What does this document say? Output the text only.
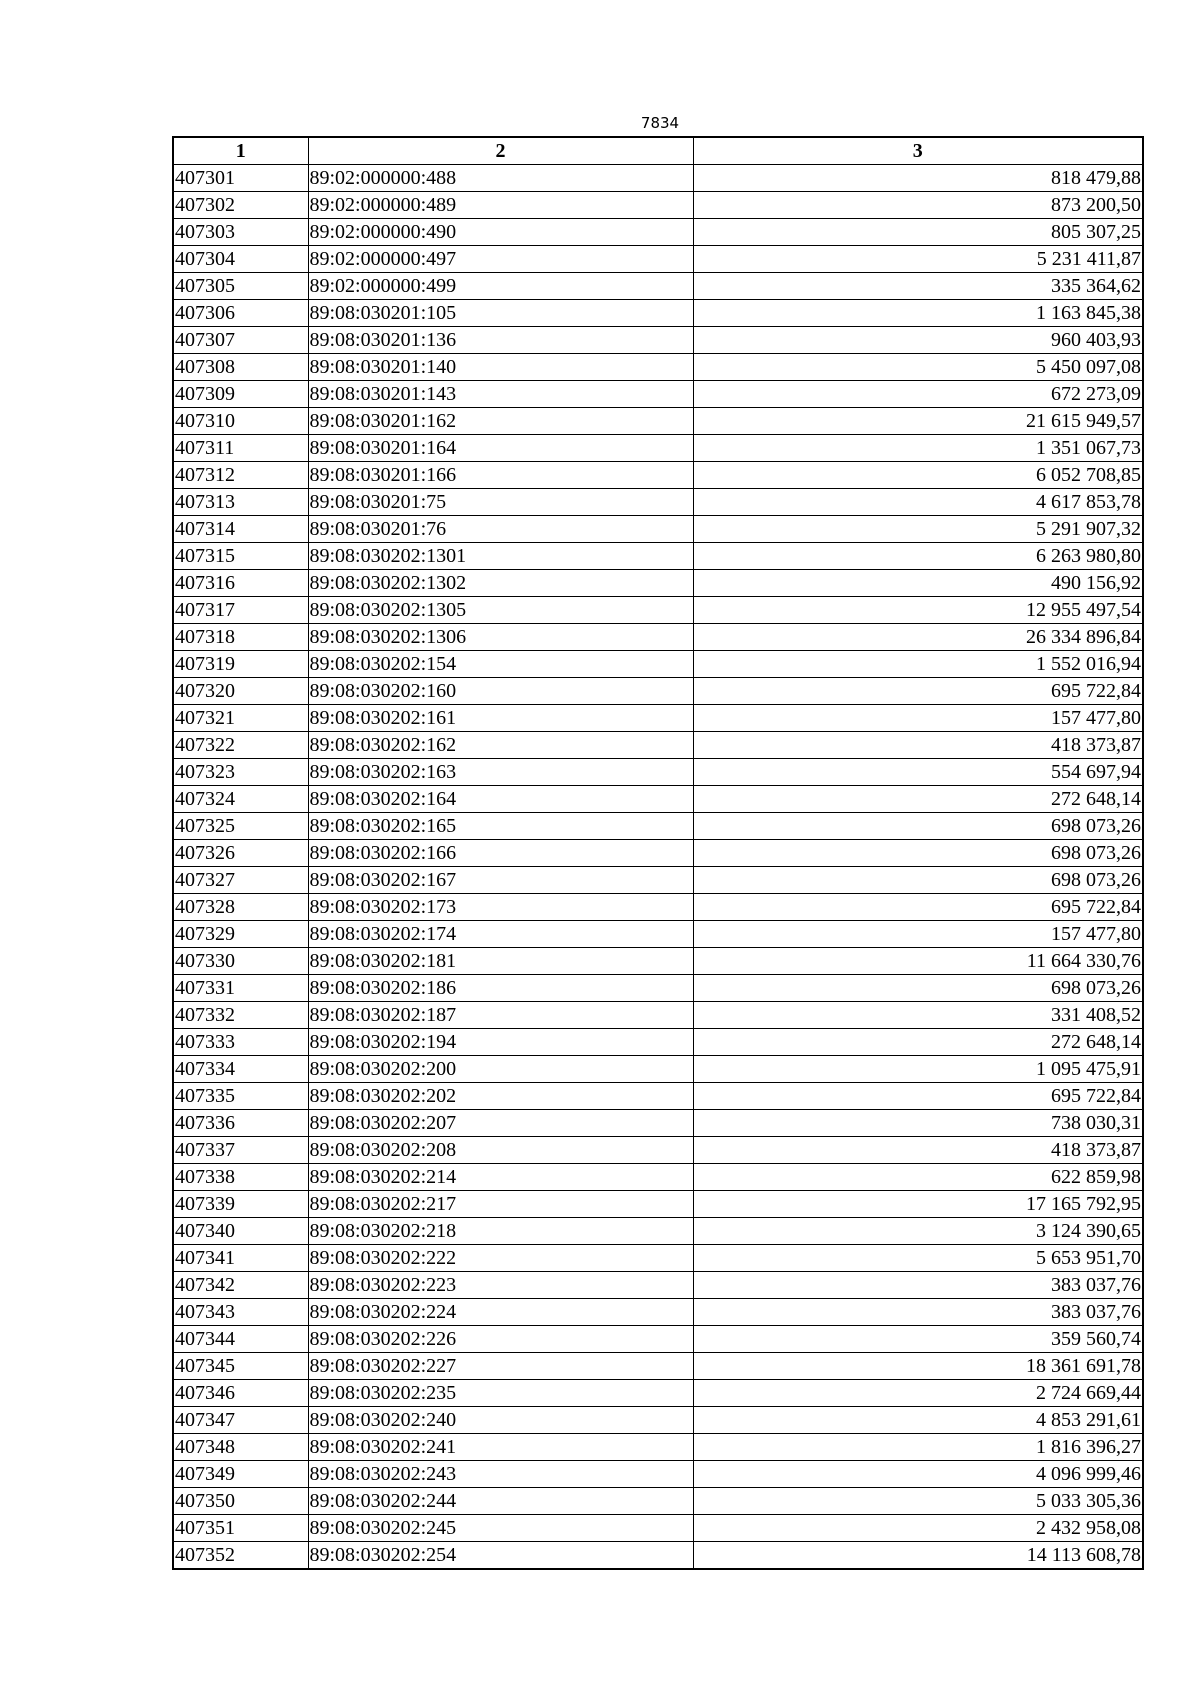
7834
1	2	3
407301	89:02:000000:488	818 479,88
407302	89:02:000000:489	873 200,50
407303	89:02:000000:490	805 307,25
407304	89:02:000000:497	5 231 411,87
407305	89:02:000000:499	335 364,62
407306	89:08:030201:105	1 163 845,38
407307	89:08:030201:136	960 403,93
407308	89:08:030201:140	5 450 097,08
407309	89:08:030201:143	672 273,09
407310	89:08:030201:162	21 615 949,57
407311	89:08:030201:164	1 351 067,73
407312	89:08:030201:166	6 052 708,85
407313	89:08:030201:75	4 617 853,78
407314	89:08:030201:76	5 291 907,32
407315	89:08:030202:1301	6 263 980,80
407316	89:08:030202:1302	490 156,92
407317	89:08:030202:1305	12 955 497,54
407318	89:08:030202:1306	26 334 896,84
407319	89:08:030202:154	1 552 016,94
407320	89:08:030202:160	695 722,84
407321	89:08:030202:161	157 477,80
407322	89:08:030202:162	418 373,87
407323	89:08:030202:163	554 697,94
407324	89:08:030202:164	272 648,14
407325	89:08:030202:165	698 073,26
407326	89:08:030202:166	698 073,26
407327	89:08:030202:167	698 073,26
407328	89:08:030202:173	695 722,84
407329	89:08:030202:174	157 477,80
407330	89:08:030202:181	11 664 330,76
407331	89:08:030202:186	698 073,26
407332	89:08:030202:187	331 408,52
407333	89:08:030202:194	272 648,14
407334	89:08:030202:200	1 095 475,91
407335	89:08:030202:202	695 722,84
407336	89:08:030202:207	738 030,31
407337	89:08:030202:208	418 373,87
407338	89:08:030202:214	622 859,98
407339	89:08:030202:217	17 165 792,95
407340	89:08:030202:218	3 124 390,65
407341	89:08:030202:222	5 653 951,70
407342	89:08:030202:223	383 037,76
407343	89:08:030202:224	383 037,76
407344	89:08:030202:226	359 560,74
407345	89:08:030202:227	18 361 691,78
407346	89:08:030202:235	2 724 669,44
407347	89:08:030202:240	4 853 291,61
407348	89:08:030202:241	1 816 396,27
407349	89:08:030202:243	4 096 999,46
407350	89:08:030202:244	5 033 305,36
407351	89:08:030202:245	2 432 958,08
407352	89:08:030202:254	14 113 608,78
